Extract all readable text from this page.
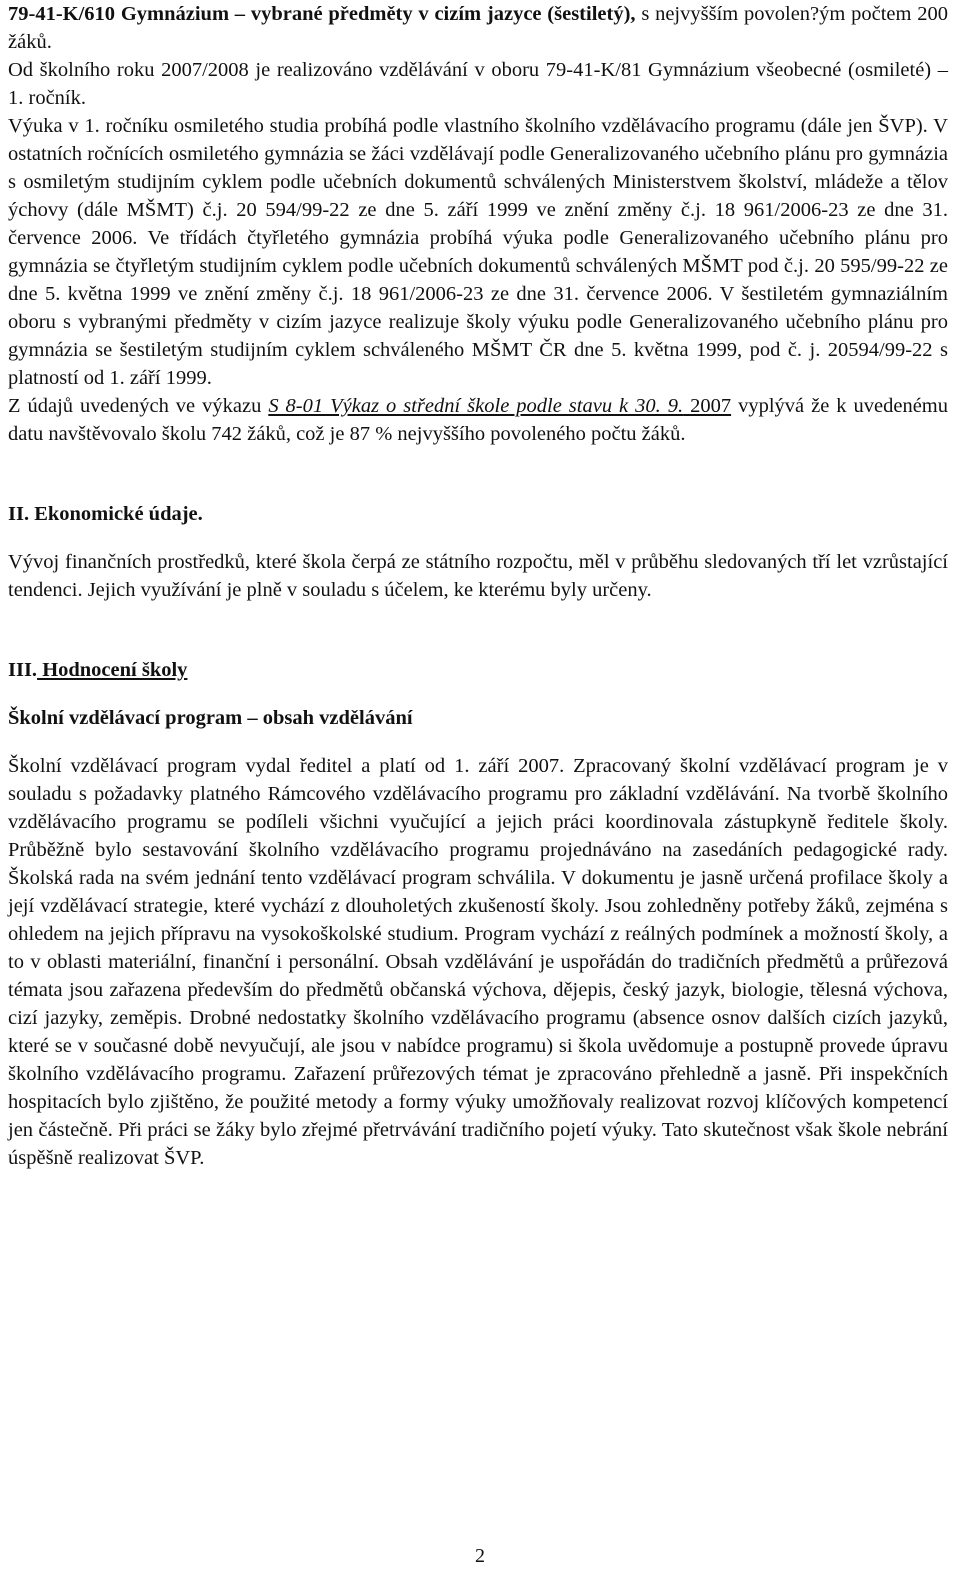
79-41-K/610 Gymnázium – vybrané předměty v cizím jazyce (šestiletý), s nejvyšším povolen?ým počtem 200 žáků.

Od školního roku 2007/2008 je realizováno vzdělávání v oboru 79-41-K/81 Gymnázium všeobecné (osmileté) – 1. ročník.

Výuka v 1. ročníku osmiletého studia probíhá podle vlastního školního vzdělávacího programu (dále jen ŠVP). V ostatních ročnících osmiletého gymnázia se žáci vzdělávají podle Generalizovaného učebního plánu pro gymnázia s osmiletým studijním cyklem podle učebních dokumentů schválených Ministerstvem školství, mládeže a tělov ýchovy (dále MŠMT) č.j. 20 594/99-22 ze dne 5. září 1999 ve znění změny č.j. 18 961/2006-23 ze dne 31. července 2006. Ve třídách čtyřletého gymnázia probíhá výuka podle Generalizovaného učebního plánu pro gymnázia se čtyřletým studijním cyklem podle učebních dokumentů schválených MŠMT pod č.j. 20 595/99-22 ze dne 5. května 1999 ve znění změny č.j. 18 961/2006-23 ze dne 31. července 2006. V šestiletém gymnaziálním oboru s vybranými předměty v cizím jazyce realizuje školy výuku podle Generalizovaného učebního plánu pro gymnázia se šestiletým studijním cyklem schváleného MŠMT ČR dne 5. května 1999, pod č. j. 20594/99-22 s platností od 1. září 1999.

Z údajů uvedených ve výkazu S 8-01 Výkaz o střední škole podle stavu k 30. 9. 2007 vyplývá že k uvedenému datu navštěvovalo školu 742 žáků, což je 87 % nejvyššího povoleného počtu žáků.

II. Ekonomické údaje.

Vývoj finančních prostředků, které škola čerpá ze státního rozpočtu, měl v průběhu sledovaných tří let vzrůstající tendenci. Jejich využívání je plně v souladu s účelem, ke kterému byly určeny.

III. Hodnocení školy

Školní vzdělávací program – obsah vzdělávání

Školní vzdělávací program vydal ředitel a platí od 1. září 2007. Zpracovaný školní vzdělávací program je v souladu s požadavky platného Rámcového vzdělávacího programu pro základní vzdělávání. Na tvorbě školního vzdělávacího programu se podíleli všichni vyučující a jejich práci koordinovala zástupkyně ředitele školy. Průběžně bylo sestavování školního vzdělávacího programu projednáváno na zasedáních pedagogické rady. Školská rada na svém jednání tento vzdělávací program schválila. V dokumentu je jasně určená profilace školy a její vzdělávací strategie, které vychází z dlouholetých zkušeností školy. Jsou zohledněny potřeby žáků, zejména s ohledem na jejich přípravu na vysokoškolské studium. Program vychází z reálných podmínek a možností školy, a to v oblasti materiální, finanční i personální. Obsah vzdělávání je uspořádán do tradičních předmětů a průřezová témata jsou zařazena především do předmětů občanská výchova, dějepis, český jazyk, biologie, tělesná výchova, cizí jazyky, zeměpis. Drobné nedostatky školního vzdělávacího programu (absence osnov dalších cizích jazyků, které se v současné době nevyučují, ale jsou v nabídce programu) si škola uvědomuje a postupně provede úpravu školního vzdělávacího programu. Zařazení průřezových témat je zpracováno přehledně a jasně. Při inspekčních hospitacích bylo zjištěno, že použité metody a formy výuky umožňovaly realizovat rozvoj klíčových kompetencí jen částečně. Při práci se žáky bylo zřejmé přetrvávání tradičního pojetí výuky. Tato skutečnost však škole nebrání úspěšně realizovat ŠVP.

2
